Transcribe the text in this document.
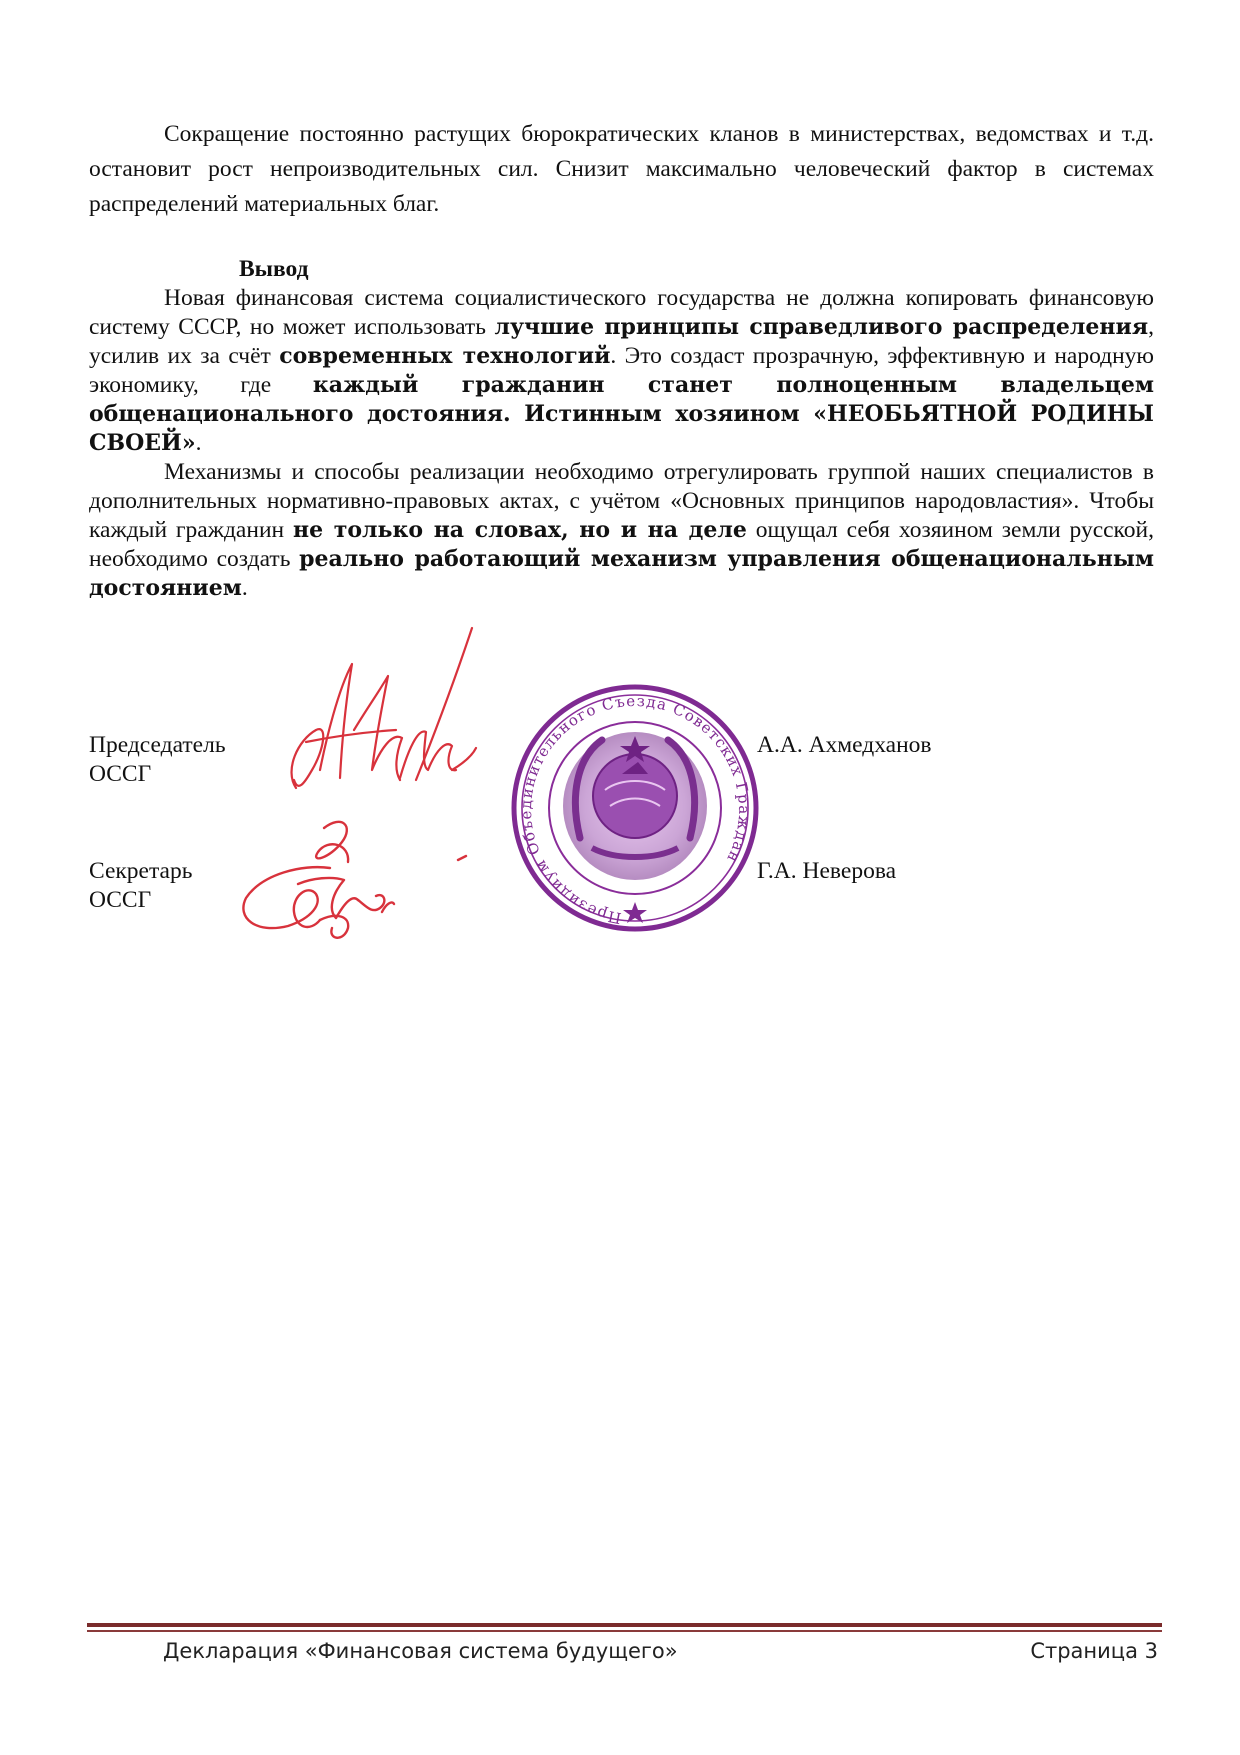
Сокращение постоянно растущих бюрократических кланов в министерствах, ведомствах и т.д. остановит рост непроизводительных сил. Снизит максимально человеческий фактор в системах распределений материальных благ.

Вывод

Новая финансовая система социалистического государства не должна копировать финансовую систему СССР, но может использовать лучшие принципы справедливого распределения, усилив их за счёт современных технологий. Это создаст прозрачную, эффективную и народную экономику, где каждый гражданин станет полноценным владельцем общенационального достояния. Истинным хозяином «НЕОБЬЯТНОЙ РОДИНЫ СВОЕЙ».

Механизмы и способы реализации необходимо отрегулировать группой наших специалистов в дополнительных нормативно-правовых актах, с учётом «Основных принципов народовластия». Чтобы каждый гражданин не только на словах, но и на деле ощущал себя хозяином земли русской, необходимо создать реально работающий механизм управления общенациональным достоянием.

Председатель

ОССГ

А.А. Ахмедханов

Секретарь

ОССГ

Г.А. Неверова

Президиум Объединительного Съезда Советских Граждан

Декларация «Финансовая система будущего»	Страница 3
